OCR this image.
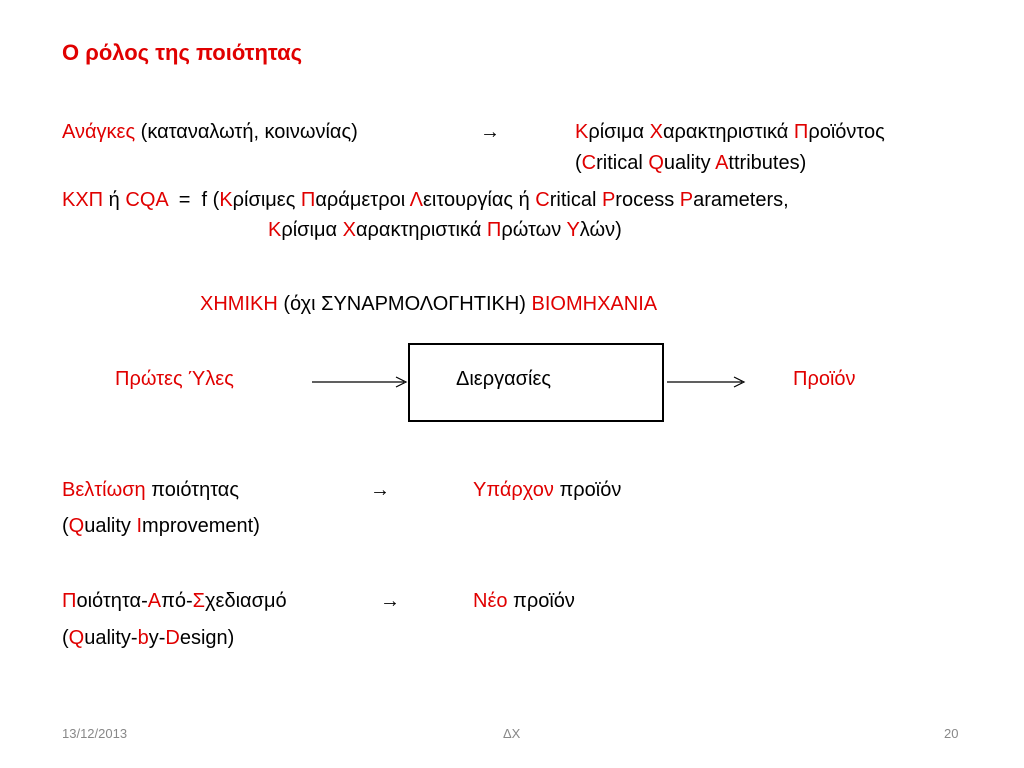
Ο ρόλος της ποιότητας
Ανάγκες (καταναλωτή, κοινωνίας)	→	Κρίσιμα Χαρακτηριστικά Προϊόντος
(Critical Quality Attributes)
ΚΧΠ ή CQA  =  f (Κρίσιμες Παράμετροι Λειτουργίας ή Critical Process Parameters,
Κρίσιμα Χαρακτηριστικά Πρώτων Υλών)
ΧΗΜΙΚΗ (όχι ΣΥΝΑΡΜΟΛΟΓΗΤΙΚΗ) ΒΙΟΜΗΧΑΝΙΑ
Πρώτες Ύλες	Διεργασίες	Προϊόν
Βελτίωση ποιότητας	→	Υπάρχον προϊόν
(Quality Improvement)
Ποιότητα-Από-Σχεδιασμό	→	Νέο προϊόν
(Quality-by-Design)
13/12/2013	ΔΧ	20
